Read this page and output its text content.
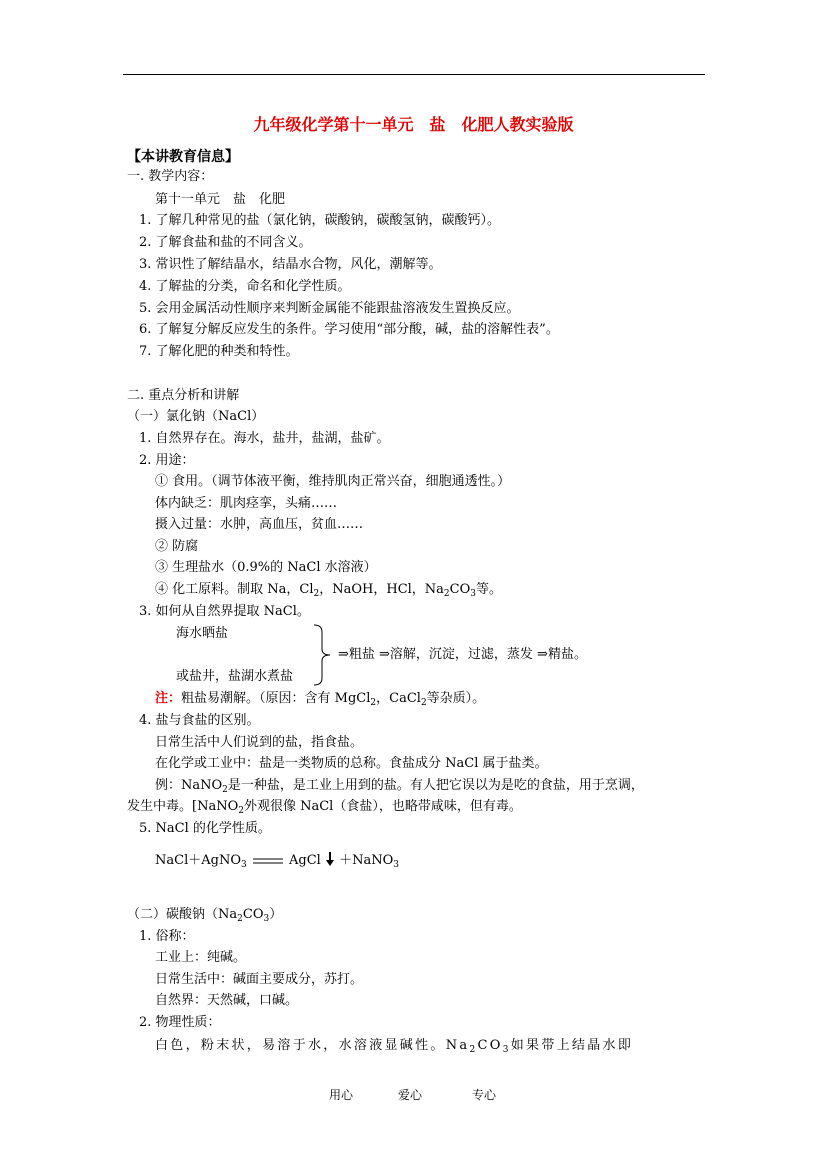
九年级化学第十一单元　盐　化肥人教实验版
【本讲教育信息】
一. 教学内容：
第十一单元　盐　化肥
1. 了解几种常见的盐（氯化钠，碳酸钠，碳酸氢钠，碳酸钙）。
2. 了解食盐和盐的不同含义。
3. 常识性了解结晶水，结晶水合物，风化，潮解等。
4. 了解盐的分类，命名和化学性质。
5. 会用金属活动性顺序来判断金属能不能跟盐溶液发生置换反应。
6. 了解复分解反应发生的条件。学习使用“部分酸，碱，盐的溶解性表”。
7. 了解化肥的种类和特性。
二. 重点分析和讲解
（一）氯化钠（NaCl）
1. 自然界存在。海水，盐井，盐湖，盐矿。
2. 用途：
① 食用。（调节体液平衡，维持肌肉正常兴奋，细胞通透性。）
体内缺乏：肌肉痉挛，头痛……
摄入过量：水肿，高血压，贫血……
② 防腐
③ 生理盐水（0.9%的 NaCl 水溶液）
④ 化工原料。制取 Na，$Cl_2$，NaOH，HCl，$Na_2CO_3$等。
3. 如何从自然界提取 NaCl。
海水晒盐
或盐井，盐湖水煮盐
⇒粗盐 ⇒溶解，沉淀，过滤，蒸发 ⇒精盐。
注：粗盐易潮解。（原因：含有 MgCl$_2$，CaCl$_2$等杂质）。
4. 盐与食盐的区别。
日常生活中人们说到的盐，指食盐。
在化学或工业中：盐是一类物质的总称。食盐成分 NaCl 属于盐类。
例：NaNO$_2$是一种盐，是工业上用到的盐。有人把它误以为是吃的食盐，用于烹调，
发生中毒。[NaNO$_2$外观很像 NaCl（食盐），也略带咸味，但有毒。
5. NaCl 的化学性质。
NaCl＋AgNO$_3$	AgCl ＋NaNO$_3$
（二）碳酸钠$(Na_2CO_3)$
1. 俗称：
工业上：纯碱。
日常生活中：碱面主要成分，苏打。
自然界：天然碱，口碱。
2. 物理性质：
白色，粉末状，易溶于水，水溶液显碱性。$Na_2CO_3$如果带上结晶水即
用心	爱心	专心
